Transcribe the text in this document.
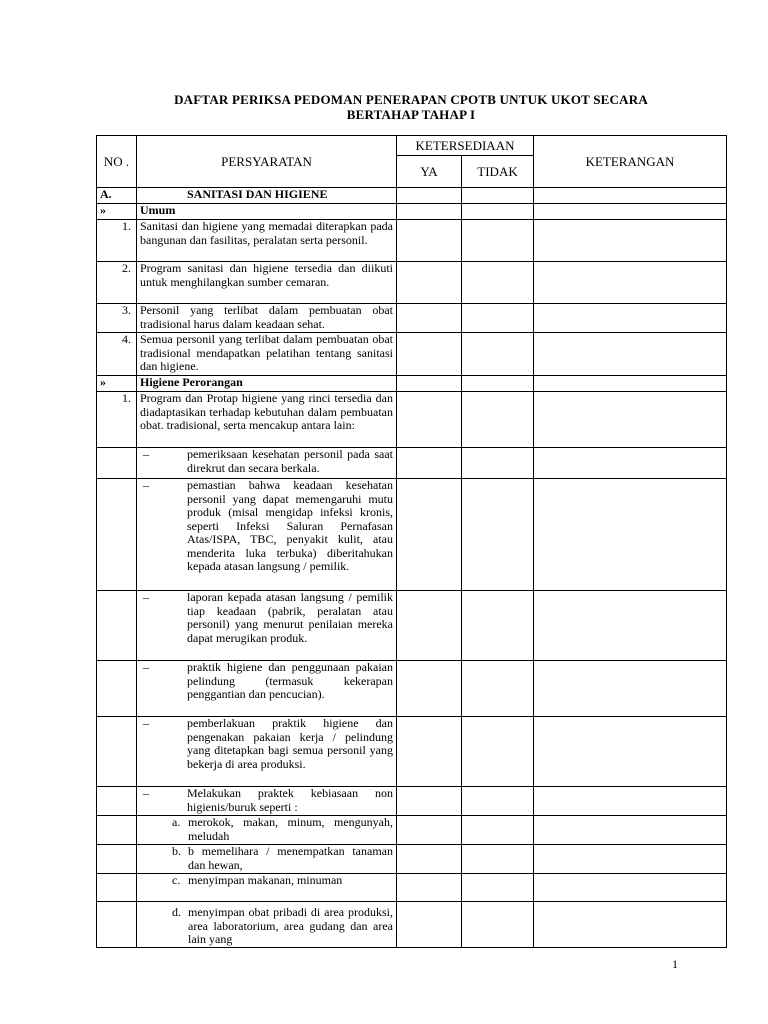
DAFTAR PERIKSA PEDOMAN PENERAPAN CPOTB UNTUK UKOT SECARA
BERTAHAP TAHAP I
NO .	PERSYARATAN	KETERSEDIAAN		KETERANGAN
		YA	TIDAK	
A.	SANITASI DAN HIGIENE			
»	Umum			
1.	Sanitasi dan higiene yang memadai diterapkan pada bangunan dan fasilitas, peralatan serta personil.			
2.	Program sanitasi dan higiene tersedia dan diikuti untuk menghilangkan sumber cemaran.			
3.	Personil yang terlibat dalam pembuatan obat tradisional harus dalam keadaan sehat.			
4.	Semua personil yang terlibat dalam pembuatan obat tradisional mendapatkan pelatihan tentang sanitasi dan higiene.			
»	Higiene Perorangan			
1.	Program dan Protap higiene yang rinci tersedia dan diadaptasikan terhadap kebutuhan dalam pembuatan obat. tradisional, serta mencakup antara lain:			

	– pemeriksaan kesehatan personil pada saat direkrut dan secara berkala.			

	– pemastian bahwa keadaan kesehatan personil yang dapat memengaruhi mutu produk (misal mengidap infeksi kronis, seperti Infeksi Saluran Pernafasan Atas/ISPA, TBC, penyakit kulit, atau menderita luka terbuka) diberitahukan kepada atasan langsung / pemilik.			

	– laporan kepada atasan langsung / pemilik tiap keadaan (pabrik, peralatan atau personil) yang menurut penilaian mereka dapat merugikan produk.			

	– praktik higiene dan penggunaan pakaian pelindung (termasuk kekerapan penggantian dan pencucian).			

	– pemberlakuan praktik higiene dan pengenakan pakaian kerja / pelindung yang ditetapkan bagi semua personil yang bekerja di area produksi.			

	– Melakukan praktek kebiasaan non higienis/buruk seperti :			

	a. merokok, makan, minum, mengunyah, meludah			

	b. b memelihara / menempatkan tanaman dan hewan,			

	c. menyimpan makanan, minuman			

	d. menyimpan obat pribadi di area produksi, area laboratorium, area gudang dan area lain yang			

1
